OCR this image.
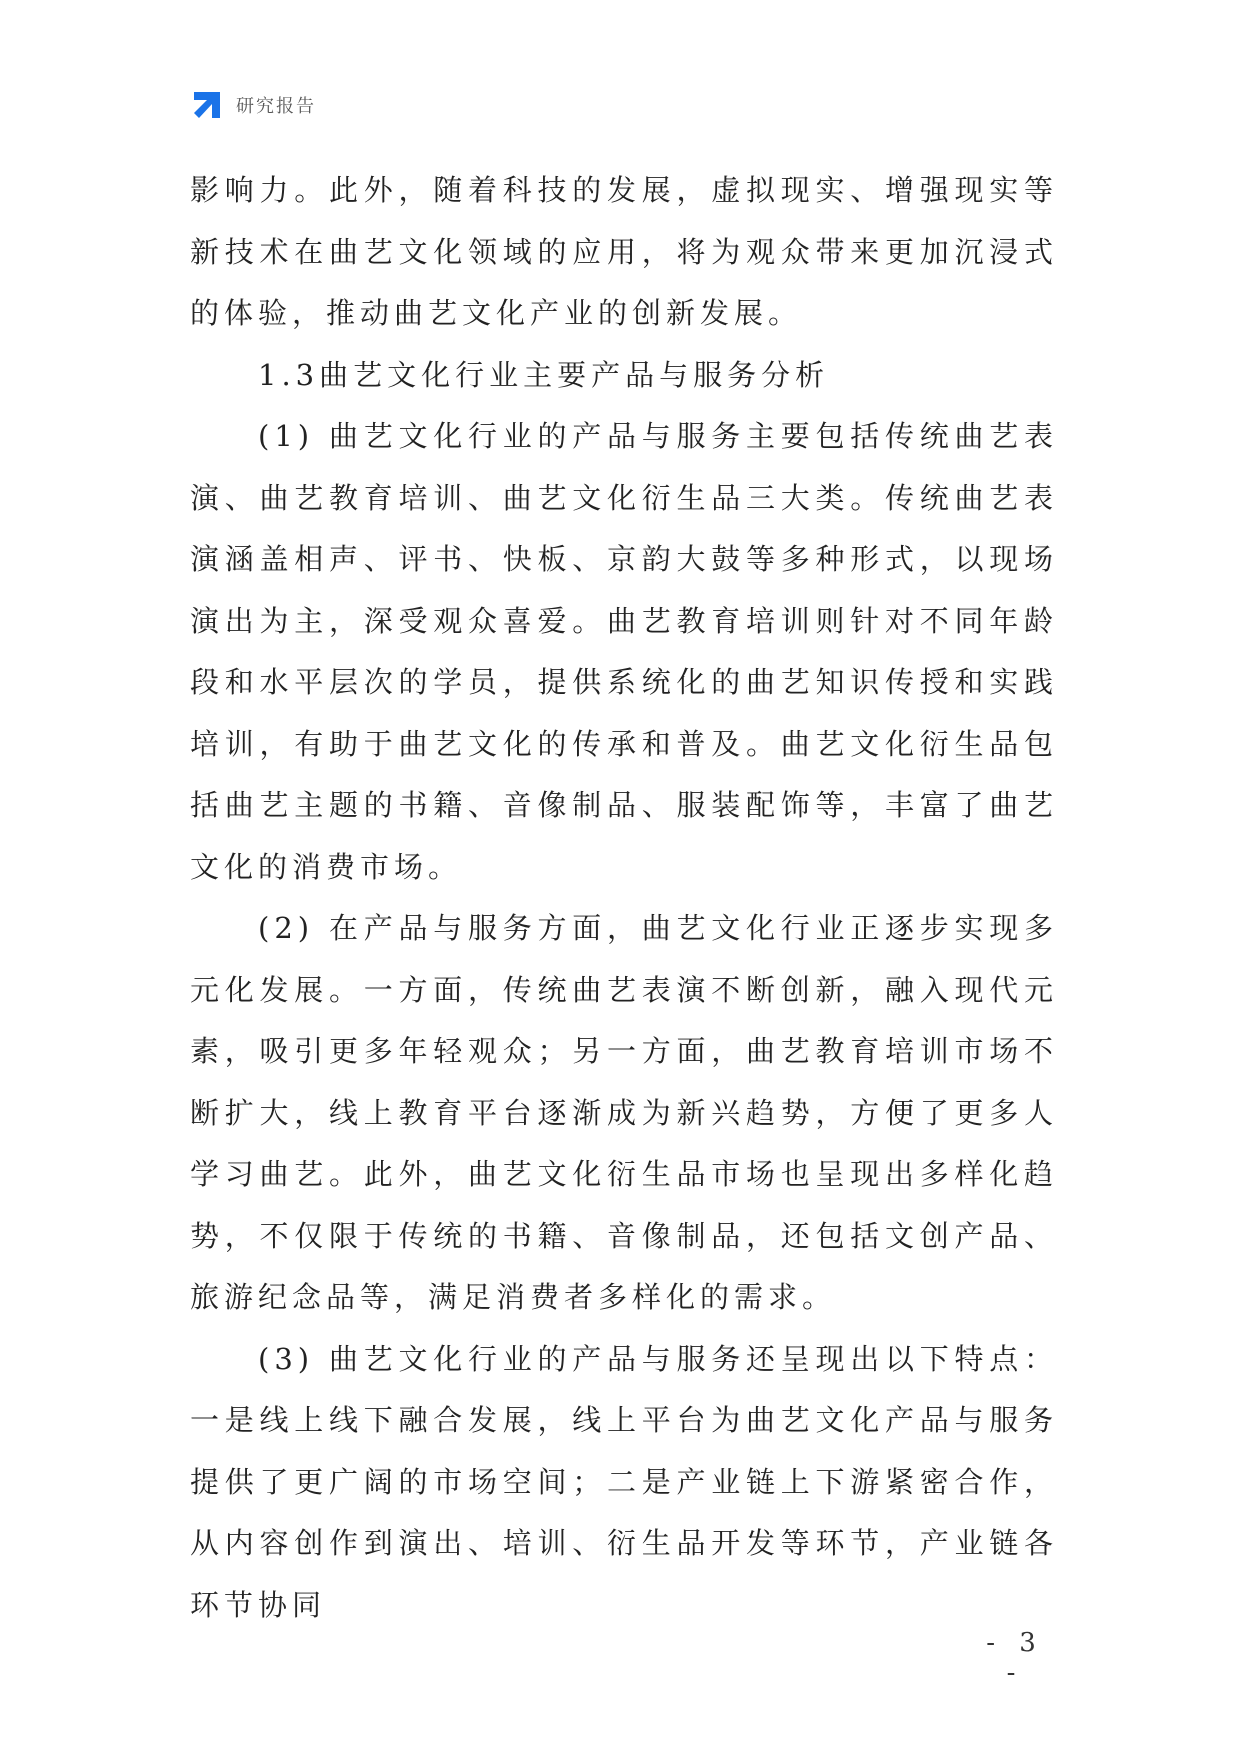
研究报告

影响力。此外，随着科技的发展，虚拟现实、增强现实等新技术在曲艺文化领域的应用，将为观众带来更加沉浸式的体验，推动曲艺文化产业的创新发展。

1.3曲艺文化行业主要产品与服务分析

(1) 曲艺文化行业的产品与服务主要包括传统曲艺表演、曲艺教育培训、曲艺文化衍生品三大类。传统曲艺表演涵盖相声、评书、快板、京韵大鼓等多种形式，以现场演出为主，深受观众喜爱。曲艺教育培训则针对不同年龄段和水平层次的学员，提供系统化的曲艺知识传授和实践培训，有助于曲艺文化的传承和普及。曲艺文化衍生品包括曲艺主题的书籍、音像制品、服装配饰等，丰富了曲艺文化的消费市场。

(2) 在产品与服务方面，曲艺文化行业正逐步实现多元化发展。一方面，传统曲艺表演不断创新，融入现代元素，吸引更多年轻观众；另一方面，曲艺教育培训市场不断扩大，线上教育平台逐渐成为新兴趋势，方便了更多人学习曲艺。此外，曲艺文化衍生品市场也呈现出多样化趋势，不仅限于传统的书籍、音像制品，还包括文创产品、旅游纪念品等，满足消费者多样化的需求。

(3) 曲艺文化行业的产品与服务还呈现出以下特点：一是线上线下融合发展，线上平台为曲艺文化产品与服务提供了更广阔的市场空间；二是产业链上下游紧密合作，从内容创作到演出、培训、衍生品开发等环节，产业链各环节协同

- 3 -
